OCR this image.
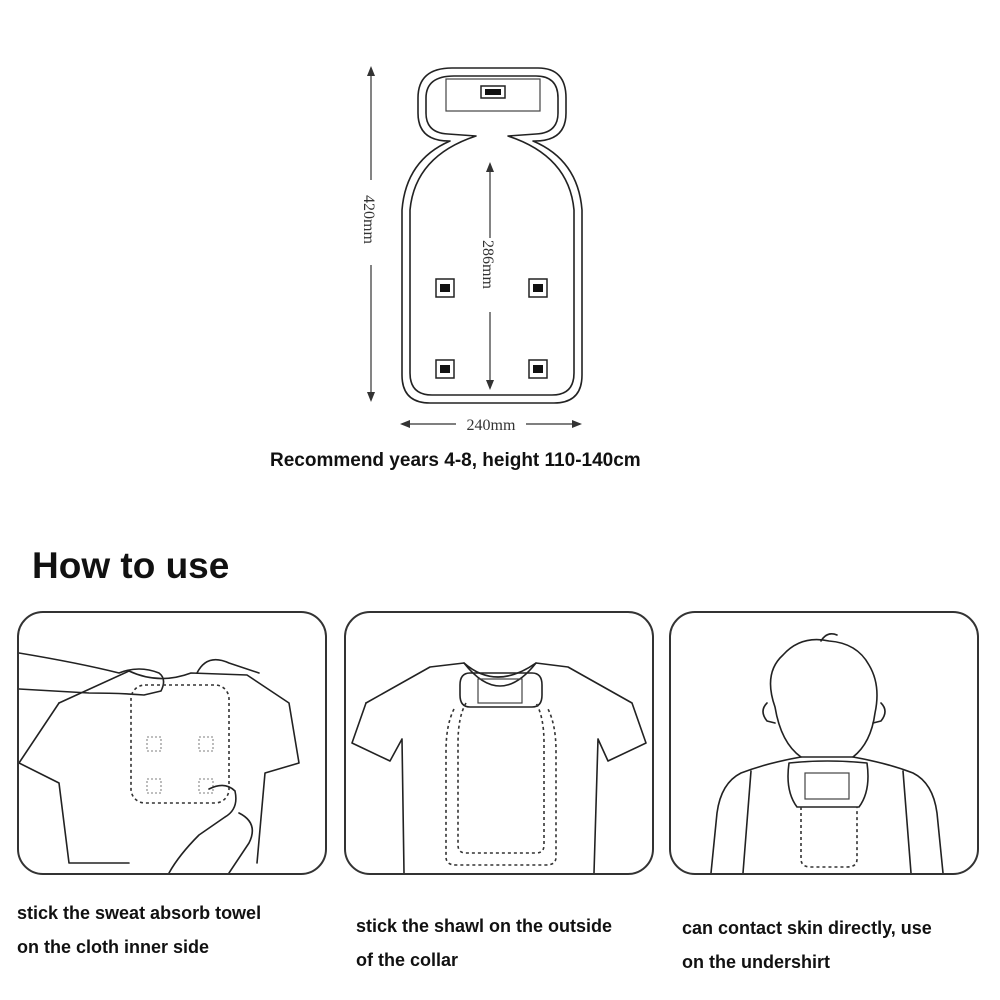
420mm
286mm
240mm
Recommend years 4-8, height 110-140cm
How to use
stick the sweat absorb towel
on the cloth inner side
stick the shawl on the outside
of the collar
can contact skin directly, use
on the undershirt
